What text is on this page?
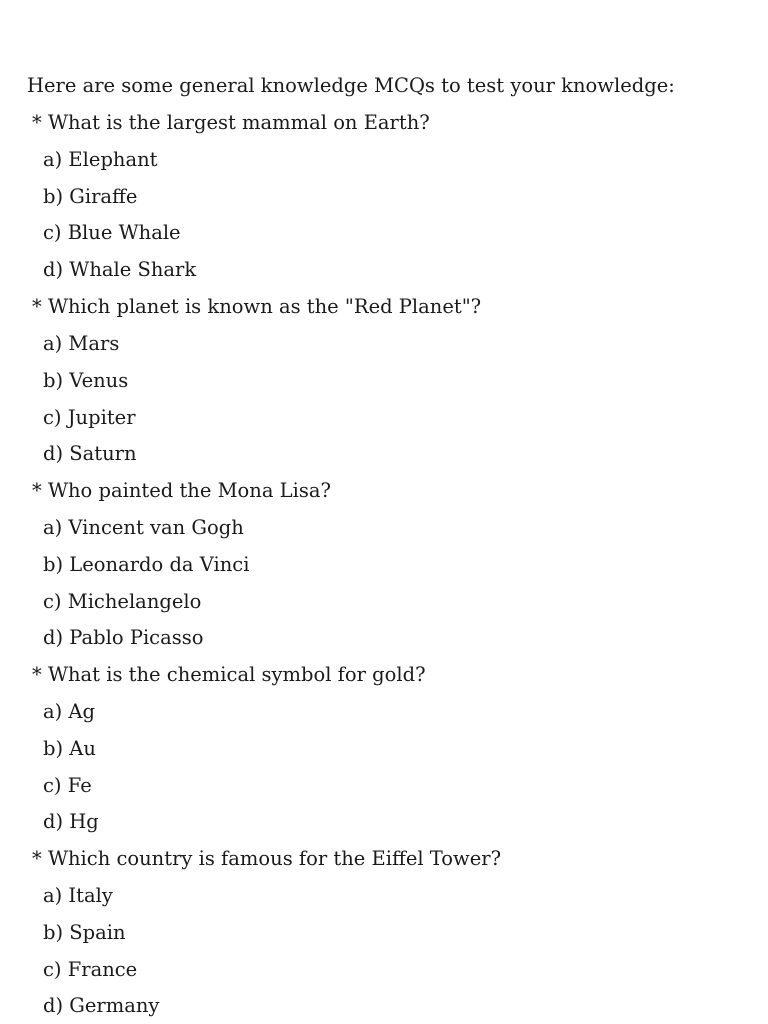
Here are some general knowledge MCQs to test your knowledge:
* What is the largest mammal on Earth?
a) Elephant
b) Giraffe
c) Blue Whale
d) Whale Shark
* Which planet is known as the "Red Planet"?
a) Mars
b) Venus
c) Jupiter
d) Saturn
* Who painted the Mona Lisa?
a) Vincent van Gogh
b) Leonardo da Vinci
c) Michelangelo
d) Pablo Picasso
* What is the chemical symbol for gold?
a) Ag
b) Au
c) Fe
d) Hg
* Which country is famous for the Eiffel Tower?
a) Italy
b) Spain
c) France
d) Germany
